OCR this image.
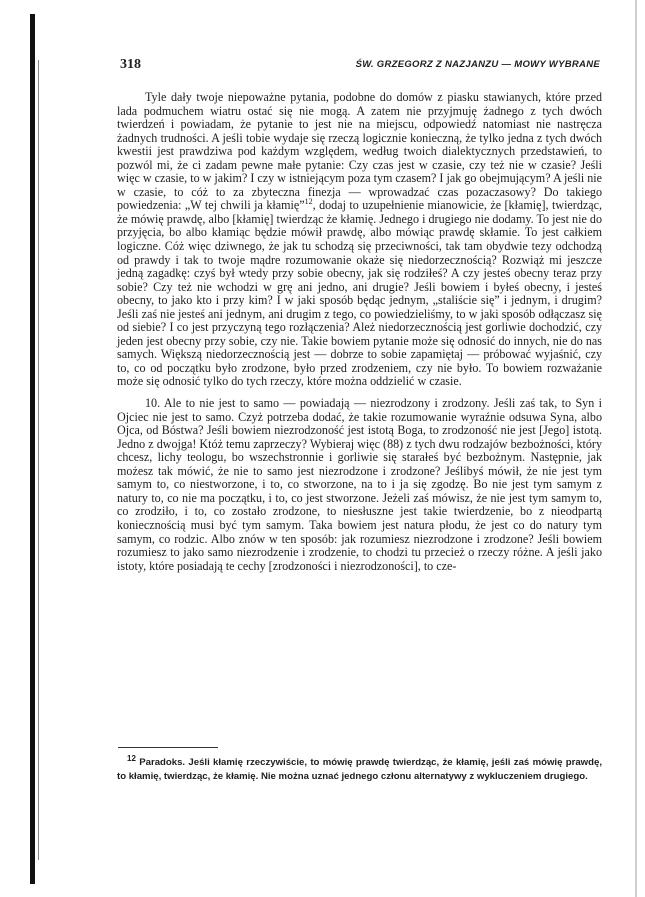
318	ŚW. GRZEGORZ Z NAZJANZU — MOWY WYBRANE

Tyle dały twoje niepoważne pytania, podobne do domów z piasku stawianych, które przed lada podmuchem wiatru ostać się nie mogą. A zatem nie przyjmuję żadnego z tych dwóch twierdzeń i powiadam, że pytanie to jest nie na miejscu, odpowiedź natomiast nie nastręcza żadnych trudności. A jeśli tobie wydaje się rzeczą logicznie konieczną, że tylko jedna z tych dwóch kwestii jest prawdziwa pod każdym względem, według twoich dialektycznych przedstawień, to pozwól mi, że ci zadam pewne małe pytanie: Czy czas jest w czasie, czy też nie w czasie? Jeśli więc w czasie, to w jakim? I czy w istniejącym poza tym czasem? I jak go obejmującym? A jeśli nie w czasie, to cóż to za zbyteczna finezja — wprowadzać czas pozaczasowy? Do takiego powiedzenia: „W tej chwili ja kłamię”$^{12}$, dodaj to uzupełnienie mianowicie, że [kłamię], twierdząc, że mówię prawdę, albo [kłamię] twierdząc że kłamię. Jednego i drugiego nie dodamy. To jest nie do przyjęcia, bo albo kłamiąc będzie mówił prawdę, albo mówiąc prawdę skłamie. To jest całkiem logiczne. Cóż więc dziwnego, że jak tu schodzą się przeciwności, tak tam obydwie tezy odchodzą od prawdy i tak to twoje mądre rozumowanie okaże się niedorzecznością? Rozwiąż mi jeszcze jedną zagadkę: czyś był wtedy przy sobie obecny, jak się rodziłeś? A czy jesteś obecny teraz przy sobie? Czy też nie wchodzi w grę ani jedno, ani drugie? Jeśli bowiem i byłeś obecny, i jesteś obecny, to jako kto i przy kim? I w jaki sposób będąc jednym, „staliście się” i jednym, i drugim? Jeśli zaś nie jesteś ani jednym, ani drugim z tego, co powiedzieliśmy, to w jaki sposób odłączasz się od siebie? I co jest przyczyną tego rozłączenia? Ależ niedorzecznością jest gorliwie dochodzić, czy jeden jest obecny przy sobie, czy nie. Takie bowiem pytanie może się odnosić do innych, nie do nas samych. Większą niedorzecznością jest — dobrze to sobie zapamiętaj — próbować wyjaśnić, czy to, co od początku było zrodzone, było przed zrodzeniem, czy nie było. To bowiem rozważanie może się odnosić tylko do tych rzeczy, które można oddzielić w czasie.

10. Ale to nie jest to samo — powiadają — niezrodzony i zrodzony. Jeśli zaś tak, to Syn i Ojciec nie jest to samo. Czyż potrzeba dodać, że takie rozumowanie wyraźnie odsuwa Syna, albo Ojca, od Bóstwa? Jeśli bowiem niezrodzoność jest istotą Boga, to zrodzoność nie jest [Jego] istotą. Jedno z dwojga! Któż temu zaprzeczy? Wybieraj więc (88) z tych dwu rodzajów bezbożności, który chcesz, lichy teologu, bo wszechstronnie i gorliwie się starałeś być bezbożnym. Następnie, jak możesz tak mówić, że nie to samo jest niezrodzone i zrodzone? Jeślibyś mówił, że nie jest tym samym to, co niestworzone, i to, co stworzone, na to i ja się zgodzę. Bo nie jest tym samym z natury to, co nie ma początku, i to, co jest stworzone. Jeżeli zaś mówisz, że nie jest tym samym to, co zrodziło, i to, co zostało zrodzone, to niesłuszne jest takie twierdzenie, bo z nieodpartą koniecznością musi być tym samym. Taka bowiem jest natura płodu, że jest co do natury tym samym, co rodzic. Albo znów w ten sposób: jak rozumiesz niezrodzone i zrodzone? Jeśli bowiem rozumiesz to jako samo niezrodzenie i zrodzenie, to chodzi tu przecież o rzeczy różne. A jeśli jako istoty, które posiadają te cechy [zrodzoności i niezrodzoności], to cze-

$^{12}$ Paradoks. Jeśli kłamię rzeczywiście, to mówię prawdę twierdząc, że kłamię, jeśli zaś mówię prawdę, to kłamię, twierdząc, że kłamię. Nie można uznać jednego członu alternatywy z wykluczeniem drugiego.
